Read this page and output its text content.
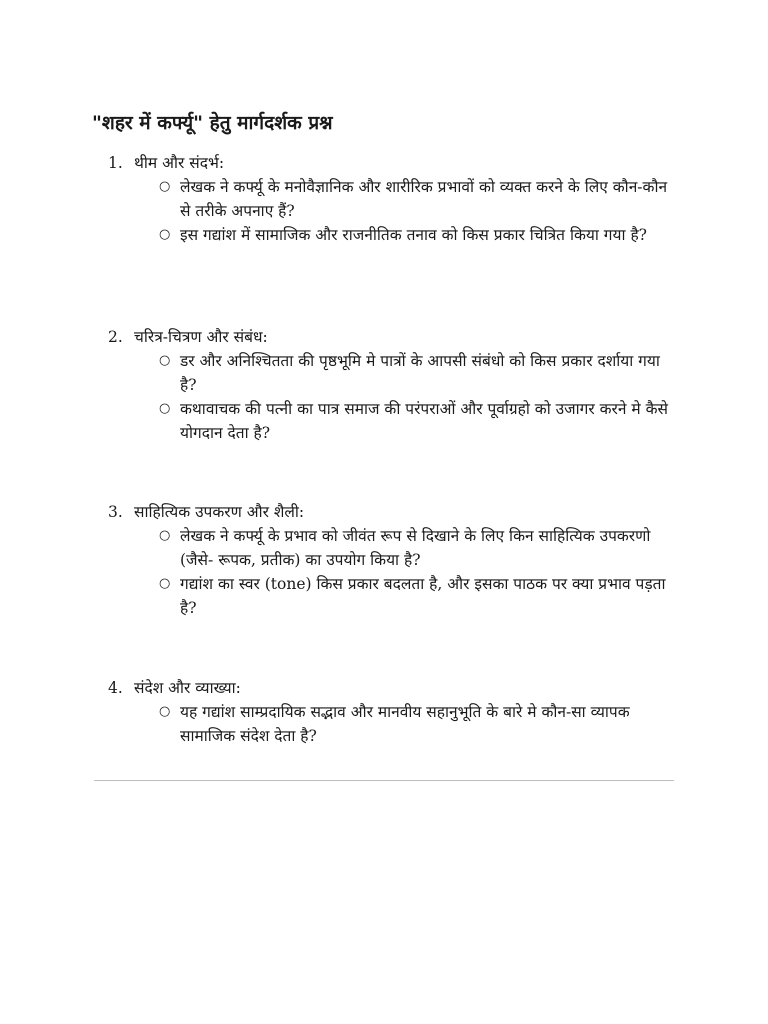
"शहर में कर्फ्यू" हेतु मार्गदर्शक प्रश्न
1. थीम और संदर्भ:
○ लेखक ने कर्फ्यू के मनोवैज्ञानिक और शारीरिक प्रभावों को व्यक्त करने के लिए कौन-कौन से तरीके अपनाए हैं?
○ इस गद्यांश में सामाजिक और राजनीतिक तनाव को किस प्रकार चित्रित किया गया है?
2. चरित्र-चित्रण और संबंध:
○ डर और अनिश्चितता की पृष्ठभूमि मे पात्रों के आपसी संबंधो को किस प्रकार दर्शाया गया है?
○ कथावाचक की पत्नी का पात्र समाज की परंपराओं और पूर्वाग्रहो को उजागर करने मे कैसे योगदान देता है?
3. साहित्यिक उपकरण और शैली:
○ लेखक ने कर्फ्यू के प्रभाव को जीवंत रूप से दिखाने के लिए किन साहित्यिक उपकरणो (जैसे- रूपक, प्रतीक) का उपयोग किया है?
○ गद्यांश का स्वर (tone) किस प्रकार बदलता है, और इसका पाठक पर क्या प्रभाव पड़ता है?
4. संदेश और व्याख्या:
○ यह गद्यांश साम्प्रदायिक सद्भाव और मानवीय सहानुभूति के बारे मे कौन-सा व्यापक सामाजिक संदेश देता है?
